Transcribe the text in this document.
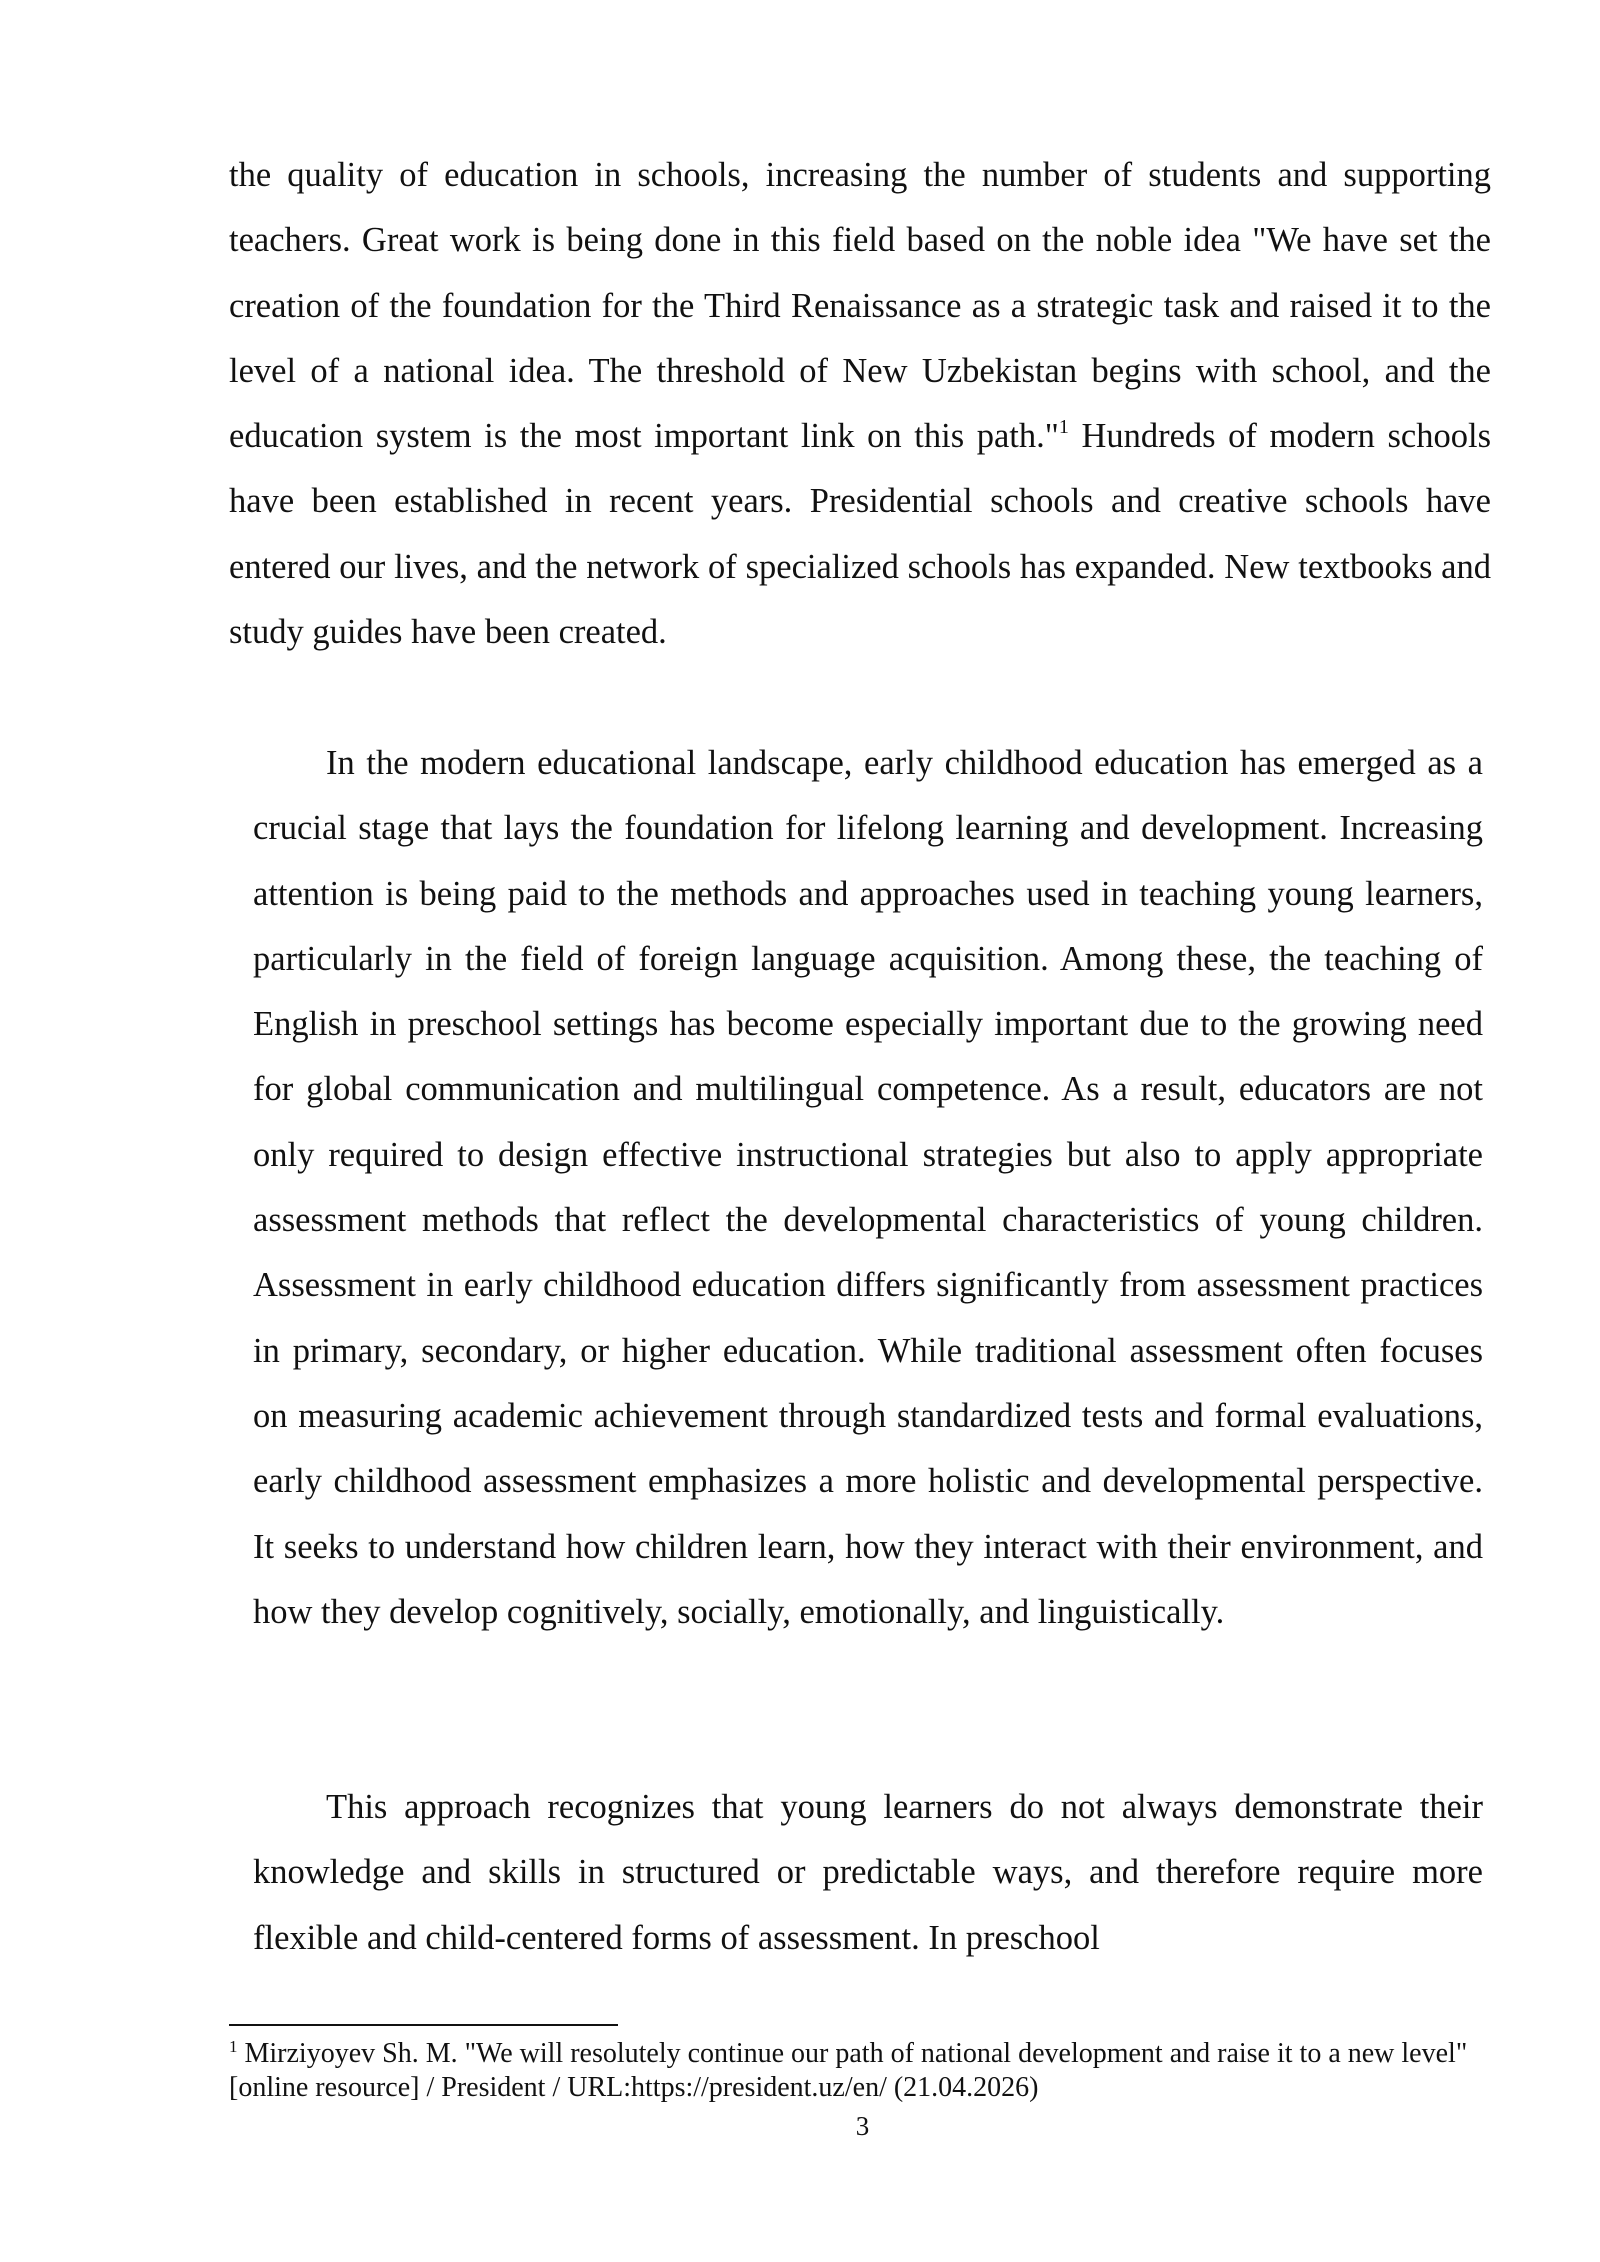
the quality of education in schools, increasing the number of students and supporting teachers. Great work is being done in this field based on the noble idea "We have set the creation of the foundation for the Third Renaissance as a strategic task and raised it to the level of a national idea. The threshold of New Uzbekistan begins with school, and the education system is the most important link on this path."$^1$ Hundreds of modern schools have been established in recent years. Presidential schools and creative schools have entered our lives, and the network of specialized schools has expanded. New textbooks and study guides have been created.

In the modern educational landscape, early childhood education has emerged as a crucial stage that lays the foundation for lifelong learning and development. Increasing attention is being paid to the methods and approaches used in teaching young learners, particularly in the field of foreign language acquisition. Among these, the teaching of English in preschool settings has become especially important due to the growing need for global communication and multilingual competence. As a result, educators are not only required to design effective instructional strategies but also to apply appropriate assessment methods that reflect the developmental characteristics of young children. Assessment in early childhood education differs significantly from assessment practices in primary, secondary, or higher education. While traditional assessment often focuses on measuring academic achievement through standardized tests and formal evaluations, early childhood assessment emphasizes a more holistic and developmental perspective. It seeks to understand how children learn, how they interact with their environment, and how they develop cognitively, socially, emotionally, and linguistically.

This approach recognizes that young learners do not always demonstrate their knowledge and skills in structured or predictable ways, and therefore require more flexible and child-centered forms of assessment. In preschool

$^1$ Mirziyoyev Sh. M. "We will resolutely continue our path of national development and raise it to a new level" [online resource] / President / URL:https://president.uz/en/ (21.04.2026)

3
